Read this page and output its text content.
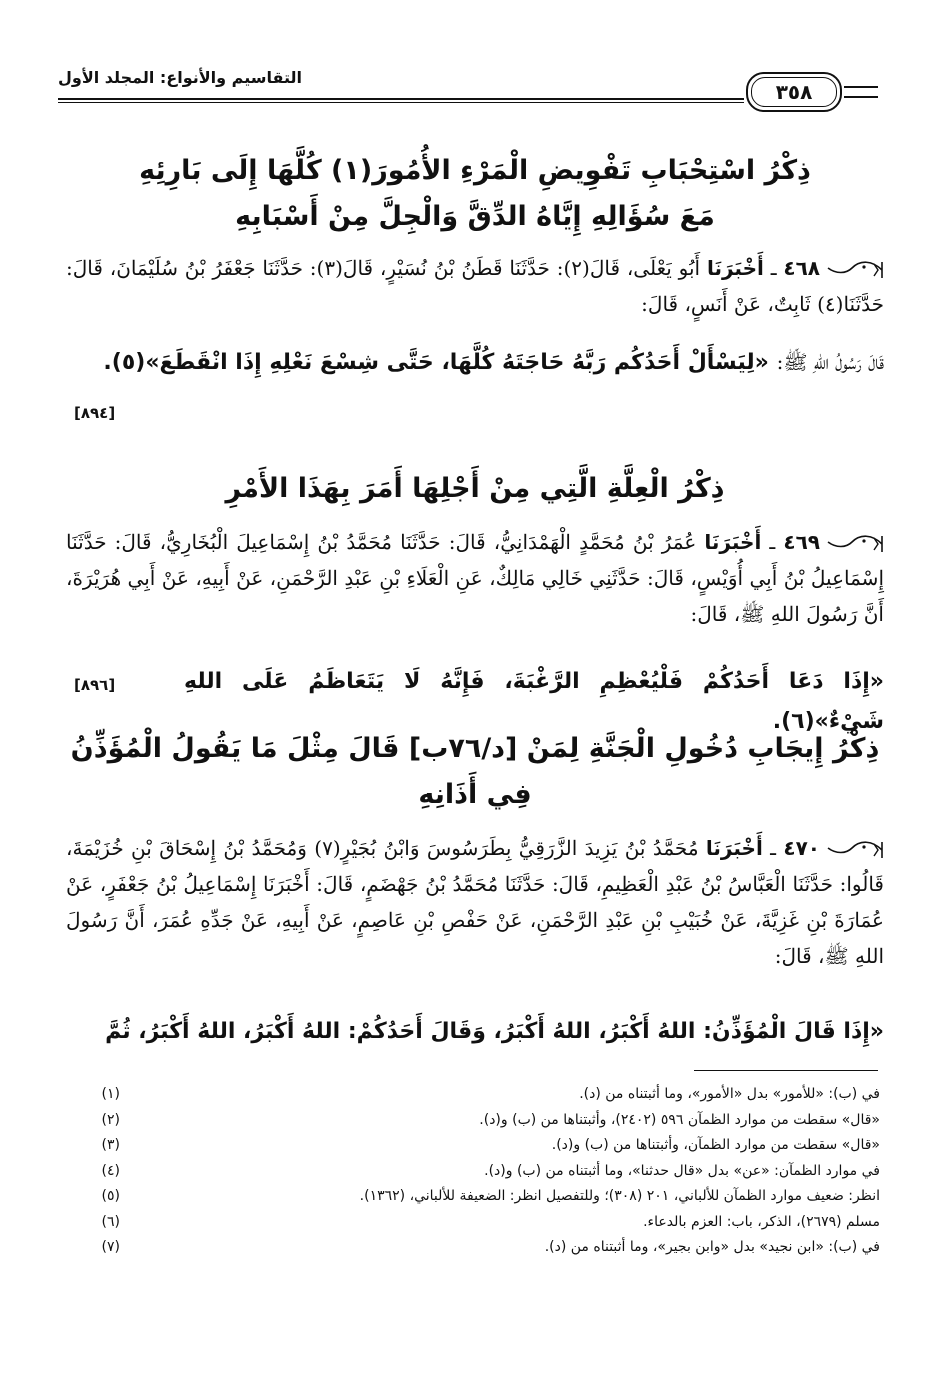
التقاسيم والأنواع: المجلد الأول
٣٥٨
ذِكْرُ اسْتِحْبَابِ تَفْوِيضِ الْمَرْءِ الأُمُورَ(١) كُلَّهَا إِلَى بَارِئِهِ
مَعَ سُؤَالِهِ إِيَّاهُ الدِّقَّ وَالْجِلَّ مِنْ أَسْبَابِهِ
٤٦٨ ـ أَخْبَرَنَا أَبُو يَعْلَى، قَالَ(٢): حَدَّثَنَا قَطَنُ بْنُ نُسَيْرٍ، قَالَ(٣): حَدَّثَنَا جَعْفَرُ بْنُ سُلَيْمَانَ، قَالَ: حَدَّثَنَا(٤) ثَابِتٌ، عَنْ أَنَسٍ، قَالَ:
قَالَ رَسُولُ اللهِ ﷺ: «لِيَسْأَلْ أَحَدُكُم رَبَّهُ حَاجَتَهُ كُلَّهَا، حَتَّى شِسْعَ نَعْلِهِ إِذَا انْقَطَعَ»(٥).
[٨٩٤]
ذِكْرُ الْعِلَّةِ الَّتِي مِنْ أَجْلِهَا أَمَرَ بِهَذَا الأَمْرِ
٤٦٩ ـ أَخْبَرَنَا عُمَرُ بْنُ مُحَمَّدٍ الْهَمْدَانِيُّ، قَالَ: حَدَّثَنَا مُحَمَّدُ بْنُ إِسْمَاعِيلَ الْبُخَارِيُّ، قَالَ: حَدَّثَنَا إِسْمَاعِيلُ بْنُ أَبِي أُوَيْسٍ، قَالَ: حَدَّثَنِي خَالِي مَالِكٌ، عَنِ الْعَلَاءِ بْنِ عَبْدِ الرَّحْمَنِ، عَنْ أَبِيهِ، عَنْ أَبِي هُرَيْرَةَ، أَنَّ رَسُولَ اللهِ ﷺ، قَالَ:
«إِذَا دَعَا أَحَدُكُمْ فَلْيُعْظِمِ الرَّغْبَةَ، فَإِنَّهُ لَا يَتَعَاظَمُ عَلَى اللهِ شَيْءٌ»(٦).
[٨٩٦]
ذِكْرُ إِيجَابِ دُخُولِ الْجَنَّةِ لِمَنْ [د/٧٦ب] قَالَ مِثْلَ مَا يَقُولُ الْمُؤَذِّنُ
فِي أَذَانِهِ
٤٧٠ ـ أَخْبَرَنَا مُحَمَّدُ بْنُ يَزِيدَ الزَّرَقِيُّ بِطَرَسُوسَ وَابْنُ بُجَيْرٍ(٧) وَمُحَمَّدُ بْنُ إِسْحَاقَ بْنِ خُزَيْمَةَ، قَالُوا: حَدَّثَنَا الْعَبَّاسُ بْنُ عَبْدِ الْعَظِيمِ، قَالَ: حَدَّثَنَا مُحَمَّدُ بْنُ جَهْضَمٍ، قَالَ: أَخْبَرَنَا إِسْمَاعِيلُ بْنُ جَعْفَرٍ، عَنْ عُمَارَةَ بْنِ غَزِيَّةَ، عَنْ خُبَيْبِ بْنِ عَبْدِ الرَّحْمَنِ، عَنْ حَفْصِ بْنِ عَاصِمٍ، عَنْ أَبِيهِ، عَنْ جَدِّهِ عُمَرَ، أَنَّ رَسُولَ اللهِ ﷺ، قَالَ:
«إِذَا قَالَ الْمُؤَذِّنُ: اللهُ أَكْبَرُ، اللهُ أَكْبَرُ، وَقَالَ أَحَدُكُمْ: اللهُ أَكْبَرُ، اللهُ أَكْبَرُ، ثُمَّ
(١)	في (ب): «للأمور» بدل «الأمور»، وما أثبتناه من (د).
(٢)	«قال» سقطت من موارد الظمآن ٥٩٦ (٢٤٠٢)، وأثبتناها من (ب) و(د).
(٣)	«قال» سقطت من موارد الظمآن، وأثبتناها من (ب) و(د).
(٤)	في موارد الظمآن: «عن» بدل «قال حدثنا»، وما أثبتناه من (ب) و(د).
(٥)	انظر: ضعيف موارد الظمآن للألباني، ٢٠١ (٣٠٨)؛ وللتفصيل انظر: الضعيفة للألباني، (١٣٦٢).
(٦)	مسلم (٢٦٧٩)، الذكر، باب: العزم بالدعاء.
(٧)	في (ب): «ابن نجيد» بدل «وابن بجير»، وما أثبتناه من (د).
